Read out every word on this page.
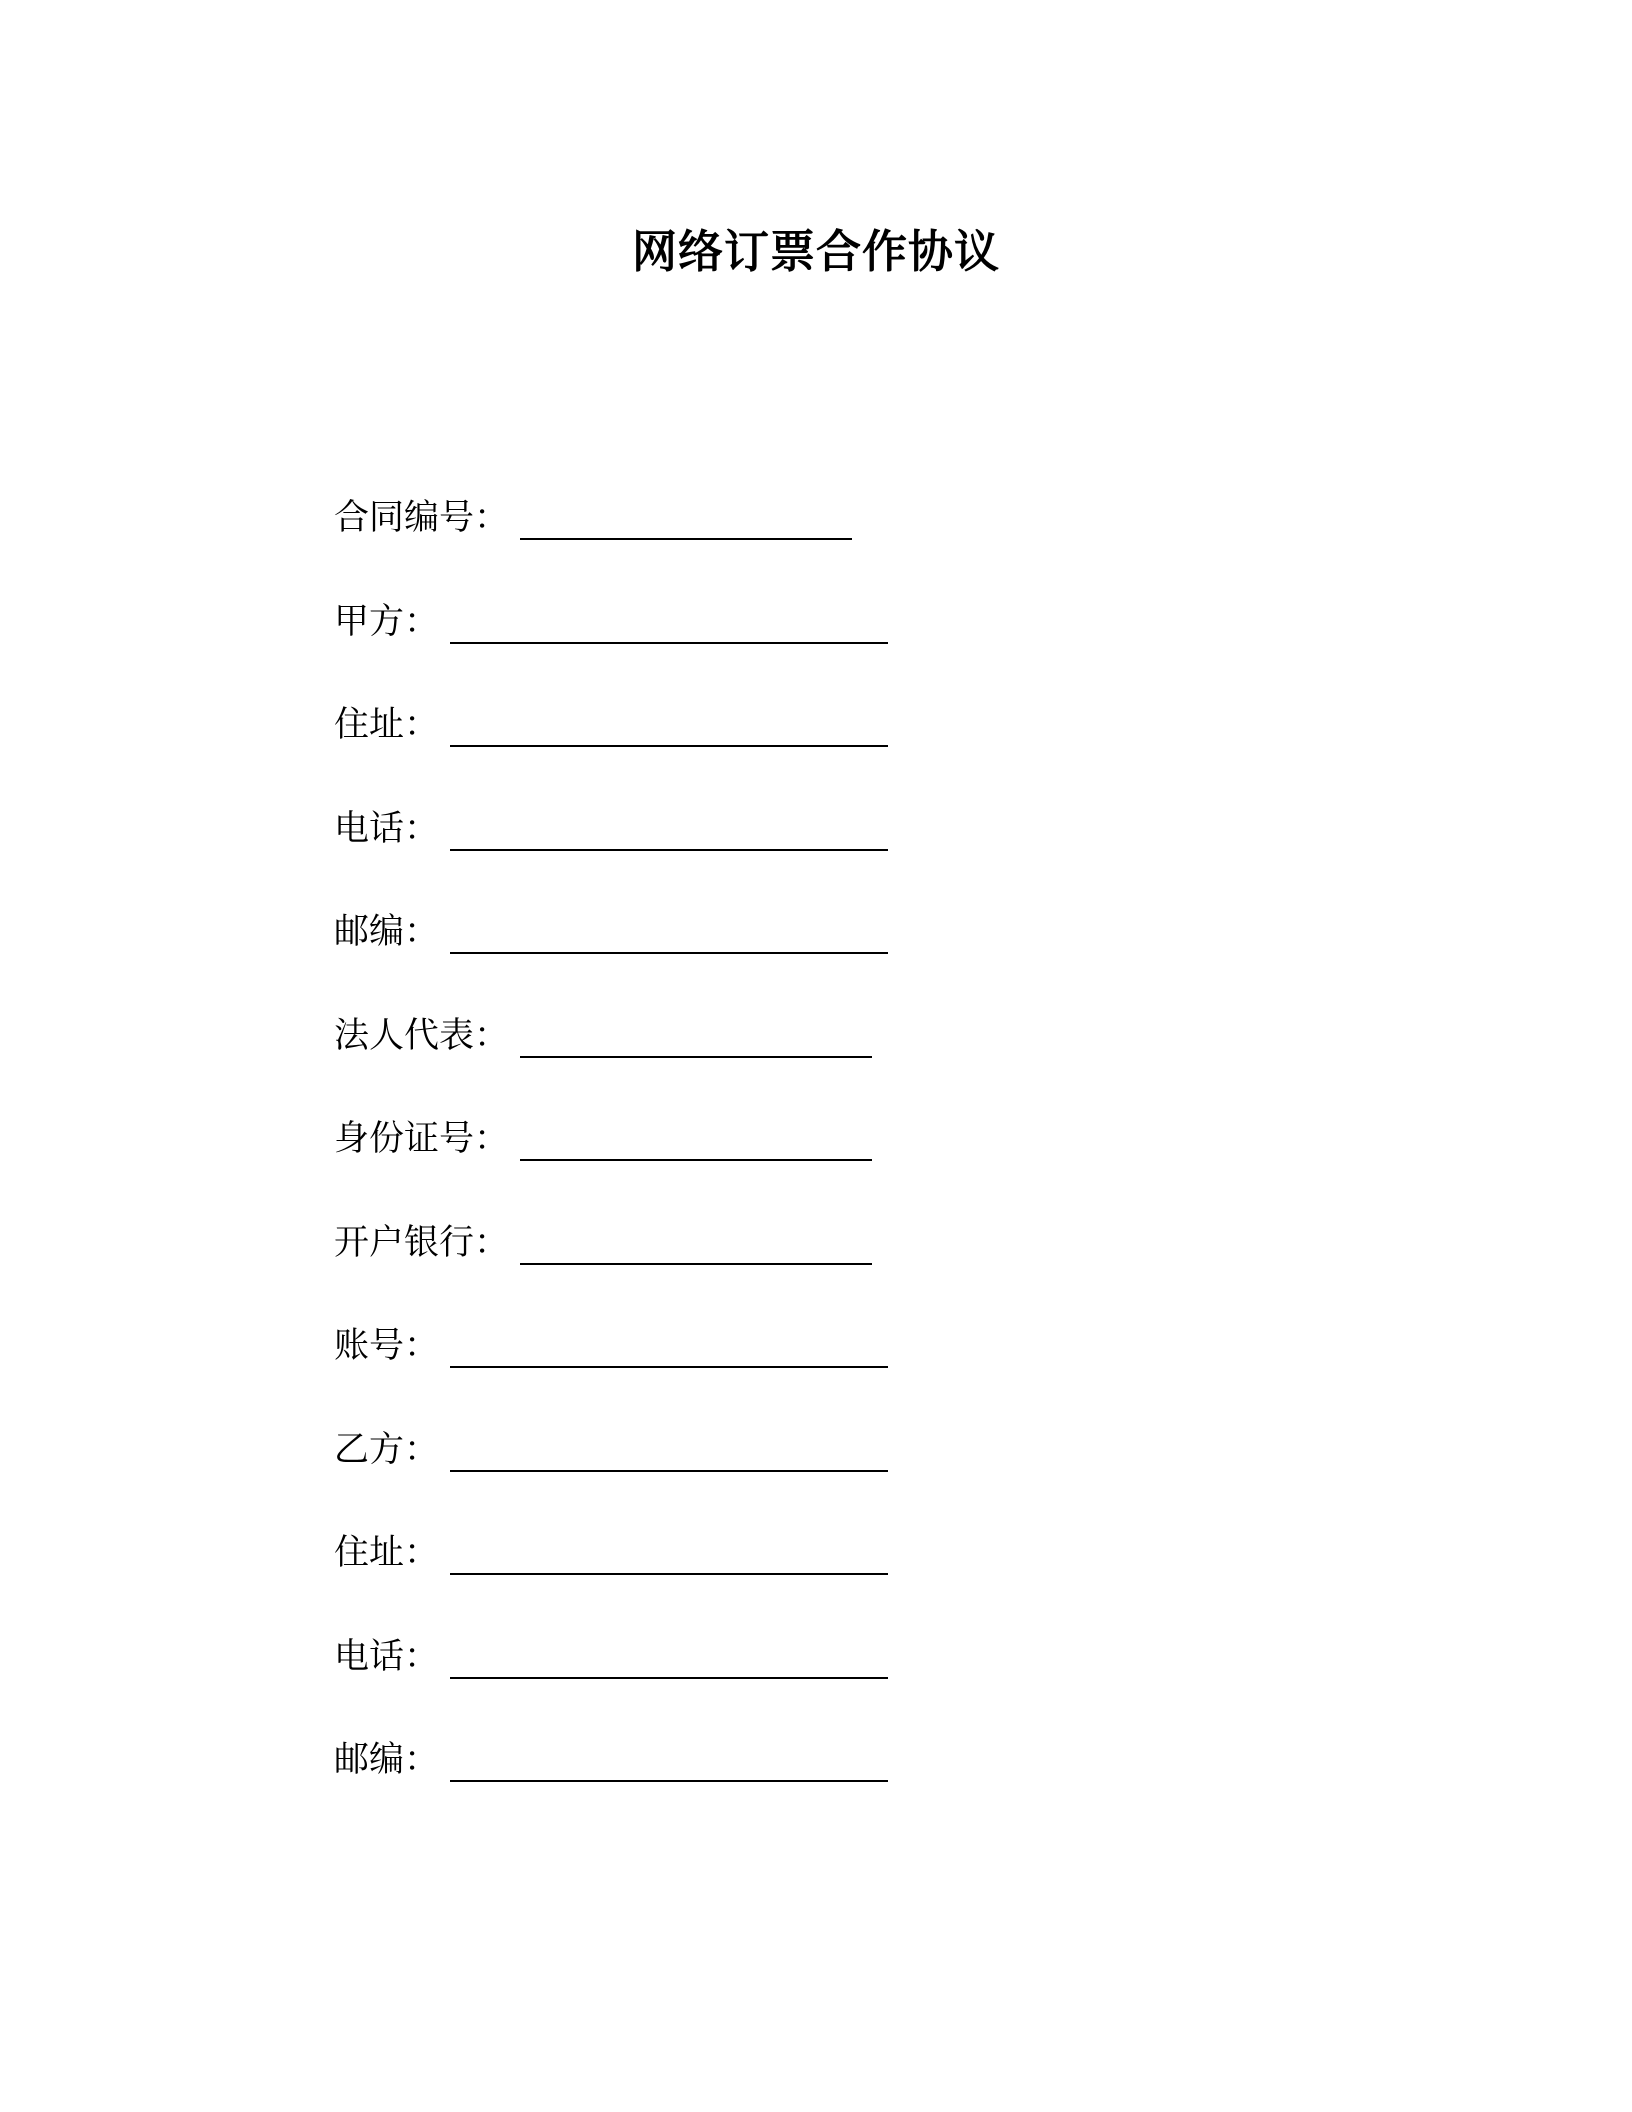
网络订票合作协议
合同编号 ：
甲方 ：
住址 ：
电话 ：
邮编 ：
法人代表 ：
身份证号 ：
开户银行 ：
账号 ：
乙方 ：
住址 ：
电话 ：
邮编 ：
